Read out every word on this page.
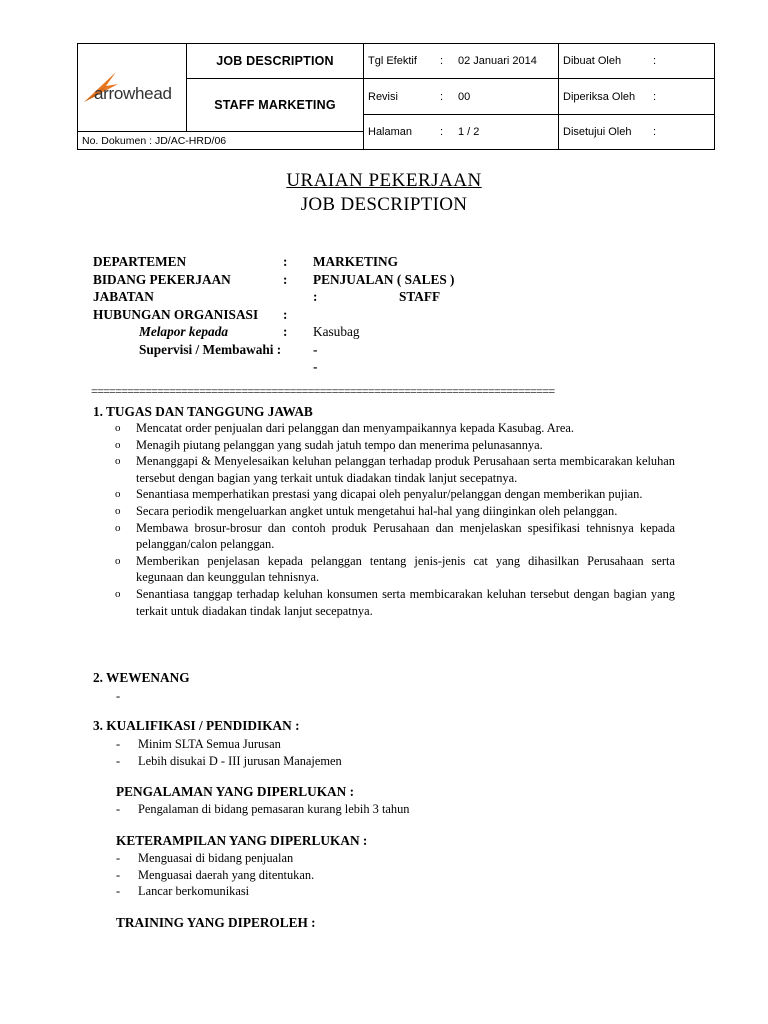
arrowhead	JOB DESCRIPTION	Tgl Efektif : 02 Januari 2014	Dibuat Oleh :

	STAFF MARKETING	Revisi : 00	Diperiksa Oleh :

		Halaman : 1 / 2	Disetujui Oleh :

No. Dokumen : JD/AC-HRD/06			
URAIAN PEKERJAAN
JOB DESCRIPTION
DEPARTEMEN	: MARKETING
BIDANG PEKERJAAN	: PENJUALAN ( SALES )
JABATAN	:	STAFF
HUBUNGAN ORGANISASI :
Melapor kepada	: Kasubag
Supervisi / Membawahi : -
-
=============================================================================
1. TUGAS DAN TANGGUNG JAWAB
o	Mencatat order penjualan dari pelanggan dan menyampaikannya kepada Kasubag. Area.
o	Menagih piutang pelanggan yang sudah jatuh tempo dan menerima pelunasannya.
o	Menanggapi & Menyelesaikan keluhan pelanggan terhadap produk Perusahaan serta membicarakan keluhan tersebut dengan bagian yang terkait untuk diadakan tindak lanjut secepatnya.
o	Senantiasa memperhatikan prestasi yang dicapai oleh penyalur/pelanggan dengan memberikan pujian.
o	Secara periodik mengeluarkan angket untuk mengetahui hal-hal yang diinginkan oleh pelanggan.
o	Membawa brosur-brosur dan contoh produk Perusahaan dan menjelaskan spesifikasi tehnisnya kepada pelanggan/calon pelanggan.
o	Memberikan penjelasan kepada pelanggan tentang jenis-jenis cat yang dihasilkan Perusahaan serta kegunaan dan keunggulan tehnisnya.
o	Senantiasa tanggap terhadap keluhan konsumen serta membicarakan keluhan tersebut dengan bagian yang terkait untuk diadakan tindak lanjut secepatnya.
2. WEWENANG
-
3. KUALIFIKASI / PENDIDIKAN :
-	Minim SLTA Semua Jurusan
-	Lebih disukai D - III jurusan Manajemen
PENGALAMAN YANG DIPERLUKAN :
-	Pengalaman di bidang pemasaran kurang lebih 3 tahun
KETERAMPILAN YANG DIPERLUKAN :
-	Menguasai di bidang penjualan
-	Menguasai daerah yang ditentukan.
-	Lancar berkomunikasi
TRAINING YANG DIPEROLEH :
